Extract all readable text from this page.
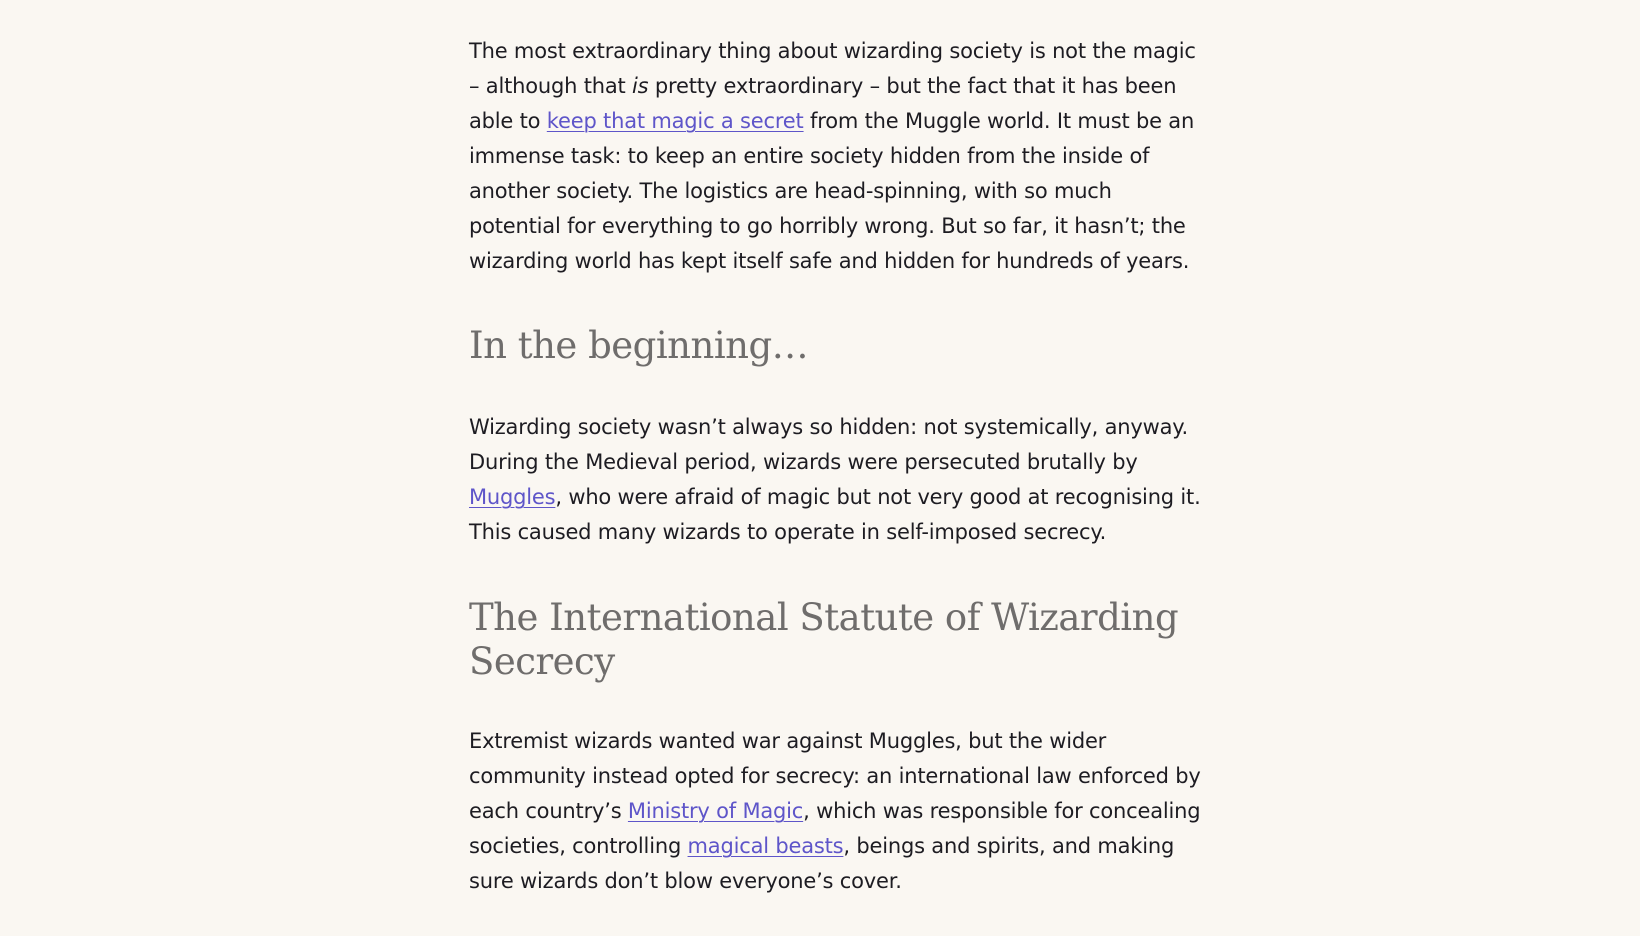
The most extraordinary thing about wizarding society is not the magic – although that is pretty extraordinary – but the fact that it has been able to keep that magic a secret from the Muggle world. It must be an immense task: to keep an entire society hidden from the inside of another society. The logistics are head-spinning, with so much potential for everything to go horribly wrong. But so far, it hasn’t; the wizarding world has kept itself safe and hidden for hundreds of years.

In the beginning…

Wizarding society wasn’t always so hidden: not systemically, anyway. During the Medieval period, wizards were persecuted brutally by Muggles, who were afraid of magic but not very good at recognising it. This caused many wizards to operate in self-imposed secrecy.

The International Statute of Wizarding Secrecy

Extremist wizards wanted war against Muggles, but the wider community instead opted for secrecy: an international law enforced by each country’s Ministry of Magic, which was responsible for concealing societies, controlling magical beasts, beings and spirits, and making sure wizards don’t blow everyone’s cover.
